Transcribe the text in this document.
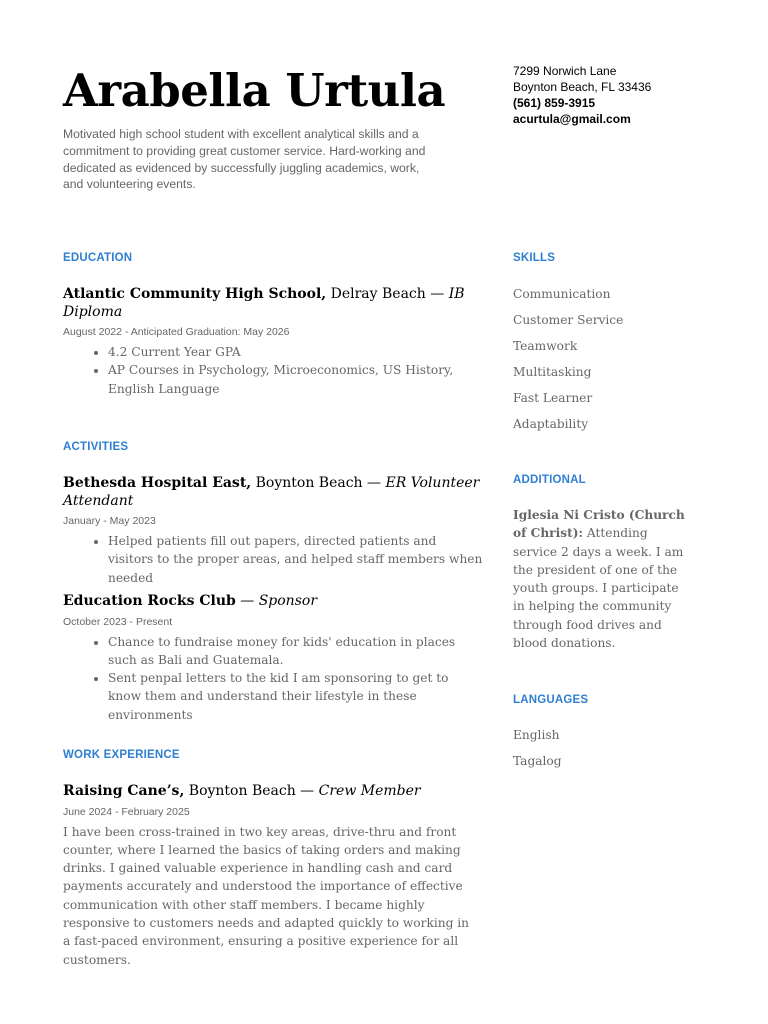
Arabella Urtula
Motivated high school student with excellent analytical skills and a commitment to providing great customer service. Hard-working and dedicated as evidenced by successfully juggling academics, work, and volunteering events.
7299 Norwich Lane
Boynton Beach, FL 33436
(561) 859-3915
acurtula@gmail.com
EDUCATION
Atlantic Community High School, Delray Beach — IB Diploma
August 2022 - Anticipated Graduation: May 2026
• 4.2 Current Year GPA
• AP Courses in Psychology, Microeconomics, US History, English Language
ACTIVITIES
Bethesda Hospital East, Boynton Beach — ER Volunteer Attendant
January - May 2023
• Helped patients fill out papers, directed patients and visitors to the proper areas, and helped staff members when needed
Education Rocks Club — Sponsor
October 2023 - Present
• Chance to fundraise money for kids' education in places such as Bali and Guatemala.
• Sent penpal letters to the kid I am sponsoring to get to know them and understand their lifestyle in these environments
WORK EXPERIENCE
Raising Cane’s, Boynton Beach — Crew Member
June 2024 - February 2025

I have been cross-trained in two key areas, drive-thru and front counter, where I learned the basics of taking orders and making drinks. I gained valuable experience in handling cash and card payments accurately and understood the importance of effective communication with other staff members. I became highly responsive to customers needs and adapted quickly to working in a fast-paced environment, ensuring a positive experience for all customers.

SKILLS
Communication
Customer Service
Teamwork
Multitasking
Fast Learner
Adaptability
ADDITIONAL
Iglesia Ni Cristo (Church of Christ): Attending service 2 days a week. I am the president of one of the youth groups. I participate in helping the community through food drives and blood donations.
LANGUAGES
English
Tagalog
